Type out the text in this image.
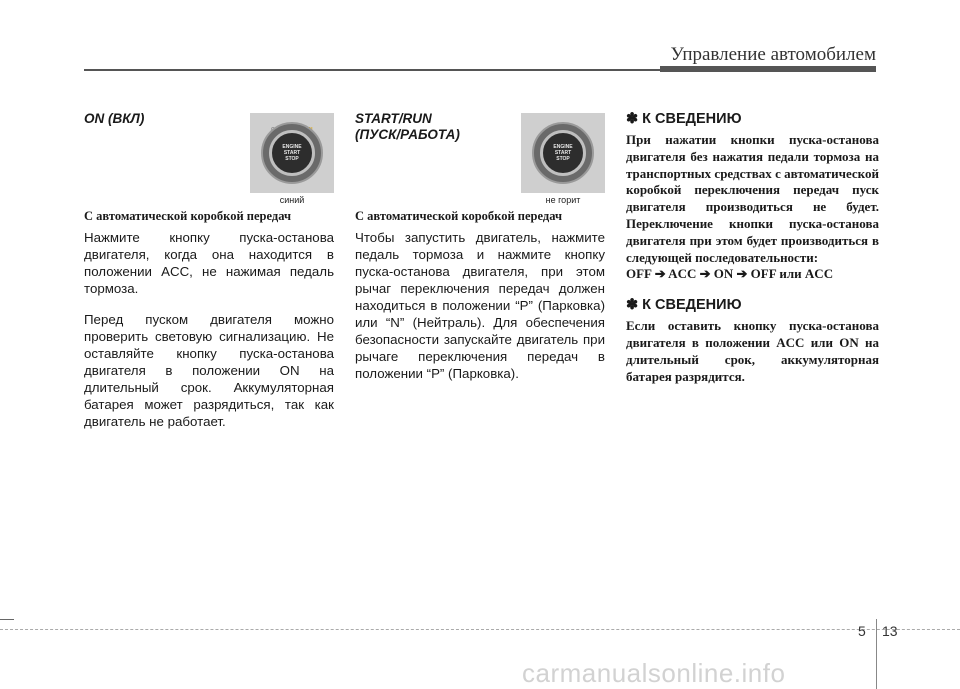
Управление автомобилем
ON (ВКЛ)
ENGINE
START
STOP
синий
С автоматической коробкой передач

Нажмите кнопку пуска-останова двигателя, когда она находится в положении ACC, не нажимая педаль тормоза.

Перед пуском двигателя можно проверить световую сигнализацию. Не оставляйте кнопку пуска-останова двигателя в положении ON на длительный срок. Аккумуляторная батарея может разрядиться, так как двигатель не работает.

START/RUN
(ПУСК/РАБОТА)
ENGINE
START
STOP
не горит
С автоматической коробкой передач

Чтобы запустить двигатель, нажмите педаль тормоза и нажмите кнопку пуска-останова двигателя, при этом рычаг переключения передач должен находиться в положении “P” (Парковка) или “N” (Нейтраль). Для обеспечения безопасности запускайте двигатель при рычаге переключения передач в положении “P” (Парковка).

✽ К СВЕДЕНИЮ
При нажатии кнопки пуска-останова двигателя без нажатия педали тормоза на транспортных средствах с автоматической коробкой переключения передач пуск двигателя производиться не будет. Переключение кнопки пуска-останова двигателя при этом будет производиться в следующей последовательности:
OFF ➔ ACC ➔ ON ➔ OFF или ACC
✽ К СВЕДЕНИЮ
Если оставить кнопку пуска-останова двигателя в положении ACC или ON на длительный срок, аккумуляторная батарея разрядится.
5 13
carmanualsonline.info
